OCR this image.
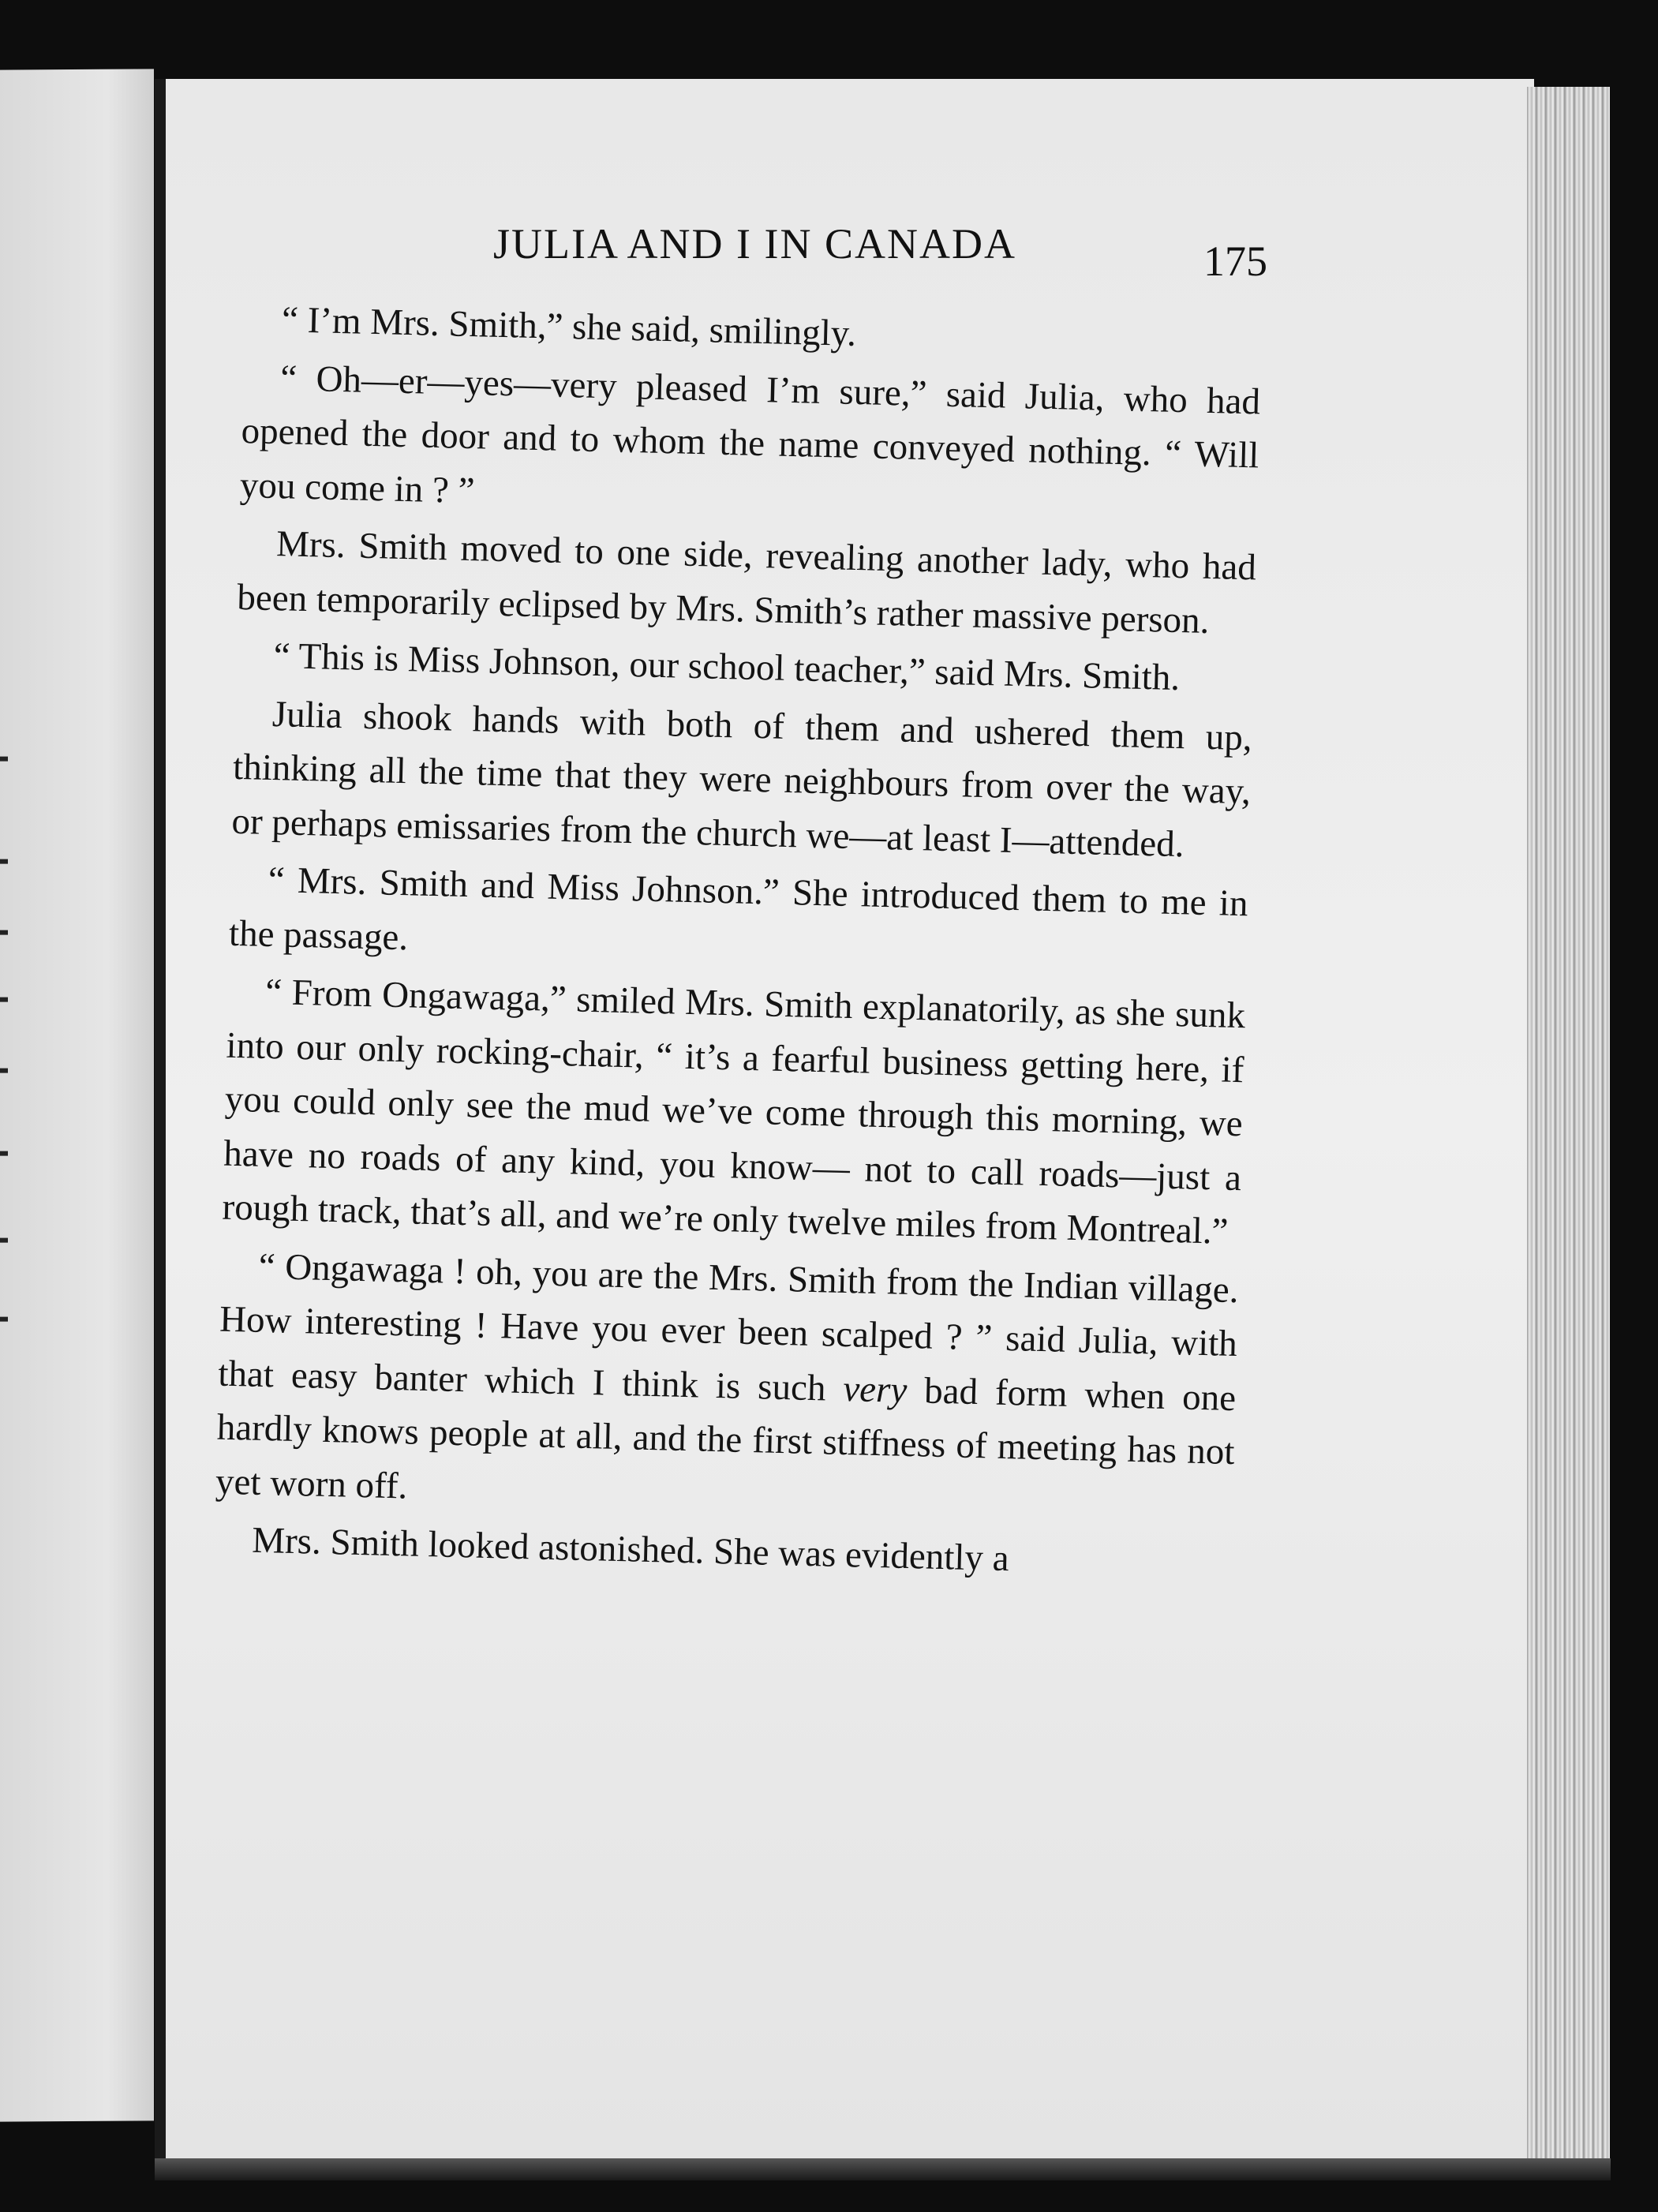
JULIA AND I IN CANADA	175

“ I’m Mrs. Smith,” she said, smilingly.

“ Oh—er—yes—very pleased I’m sure,” said Julia, who had opened the door and to whom the name conveyed nothing. “ Will you come in ? ”

Mrs. Smith moved to one side, revealing another lady, who had been temporarily eclipsed by Mrs. Smith’s rather massive person.

“ This is Miss Johnson, our school teacher,” said Mrs. Smith.

Julia shook hands with both of them and ushered them up, thinking all the time that they were neighbours from over the way, or perhaps emissaries from the church we—at least I—attended.

“ Mrs. Smith and Miss Johnson.” She introduced them to me in the passage.

“ From Ongawaga,” smiled Mrs. Smith explanatorily, as she sunk into our only rocking-chair, “ it’s a fearful business getting here, if you could only see the mud we’ve come through this morning, we have no roads of any kind, you know— not to call roads—just a rough track, that’s all, and we’re only twelve miles from Montreal.”

“ Ongawaga ! oh, you are the Mrs. Smith from the Indian village. How interesting ! Have you ever been scalped ? ” said Julia, with that easy banter which I think is such very bad form when one hardly knows people at all, and the first stiffness of meeting has not yet worn off.

Mrs. Smith looked astonished. She was evidently a
